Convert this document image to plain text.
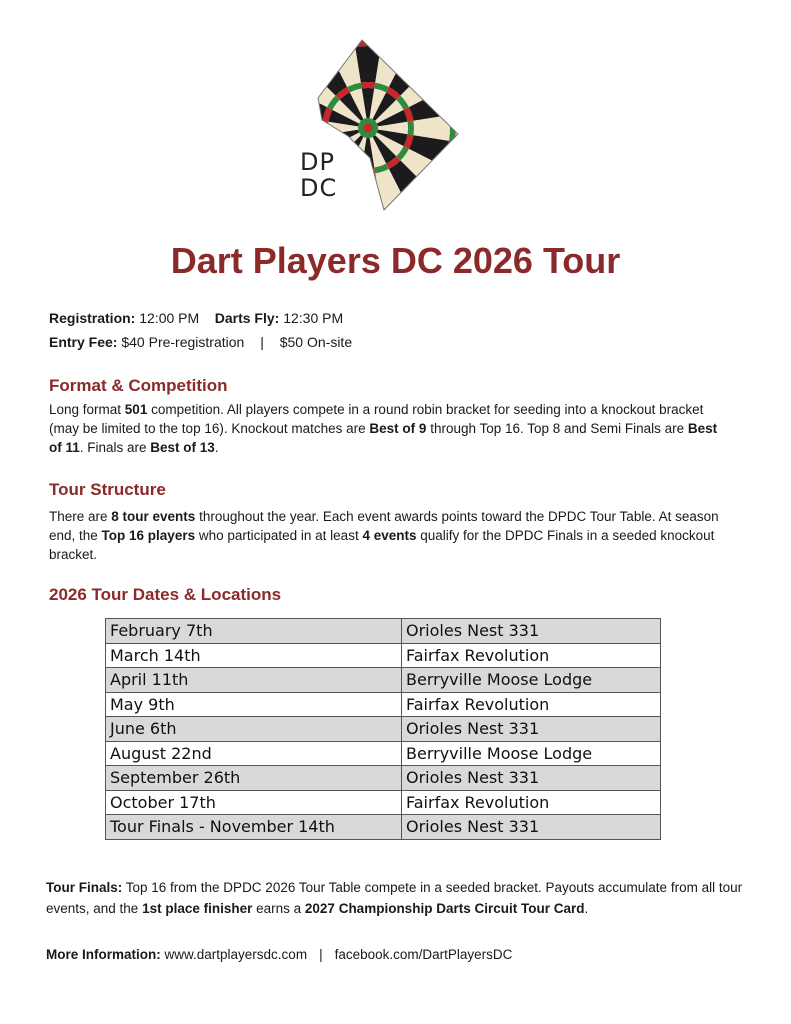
DP
DC
Dart Players DC 2026 Tour
Registration: 12:00 PM Darts Fly: 12:30 PM
Entry Fee: $40 Pre-registration | $50 On-site
Format & Competition

Long format 501 competition. All players compete in a round robin bracket for seeding into a knockout bracket (may be limited to the top 16). Knockout matches are Best of 9 through Top 16. Top 8 and Semi Finals are Best of 11. Finals are Best of 13.

Tour Structure

There are 8 tour events throughout the year. Each event awards points toward the DPDC Tour Table. At season end, the Top 16 players who participated in at least 4 events qualify for the DPDC Finals in a seeded knockout bracket.

2026 Tour Dates & Locations
February 7th	Orioles Nest 331
March 14th	Fairfax Revolution
April 11th	Berryville Moose Lodge
May 9th	Fairfax Revolution
June 6th	Orioles Nest 331
August 22nd	Berryville Moose Lodge
September 26th	Orioles Nest 331
October 17th	Fairfax Revolution
Tour Finals - November 14th	Orioles Nest 331

Tour Finals: Top 16 from the DPDC 2026 Tour Table compete in a seeded bracket. Payouts accumulate from all tour events, and the 1st place finisher earns a 2027 Championship Darts Circuit Tour Card.

More Information: www.dartplayersdc.com | facebook.com/DartPlayersDC
